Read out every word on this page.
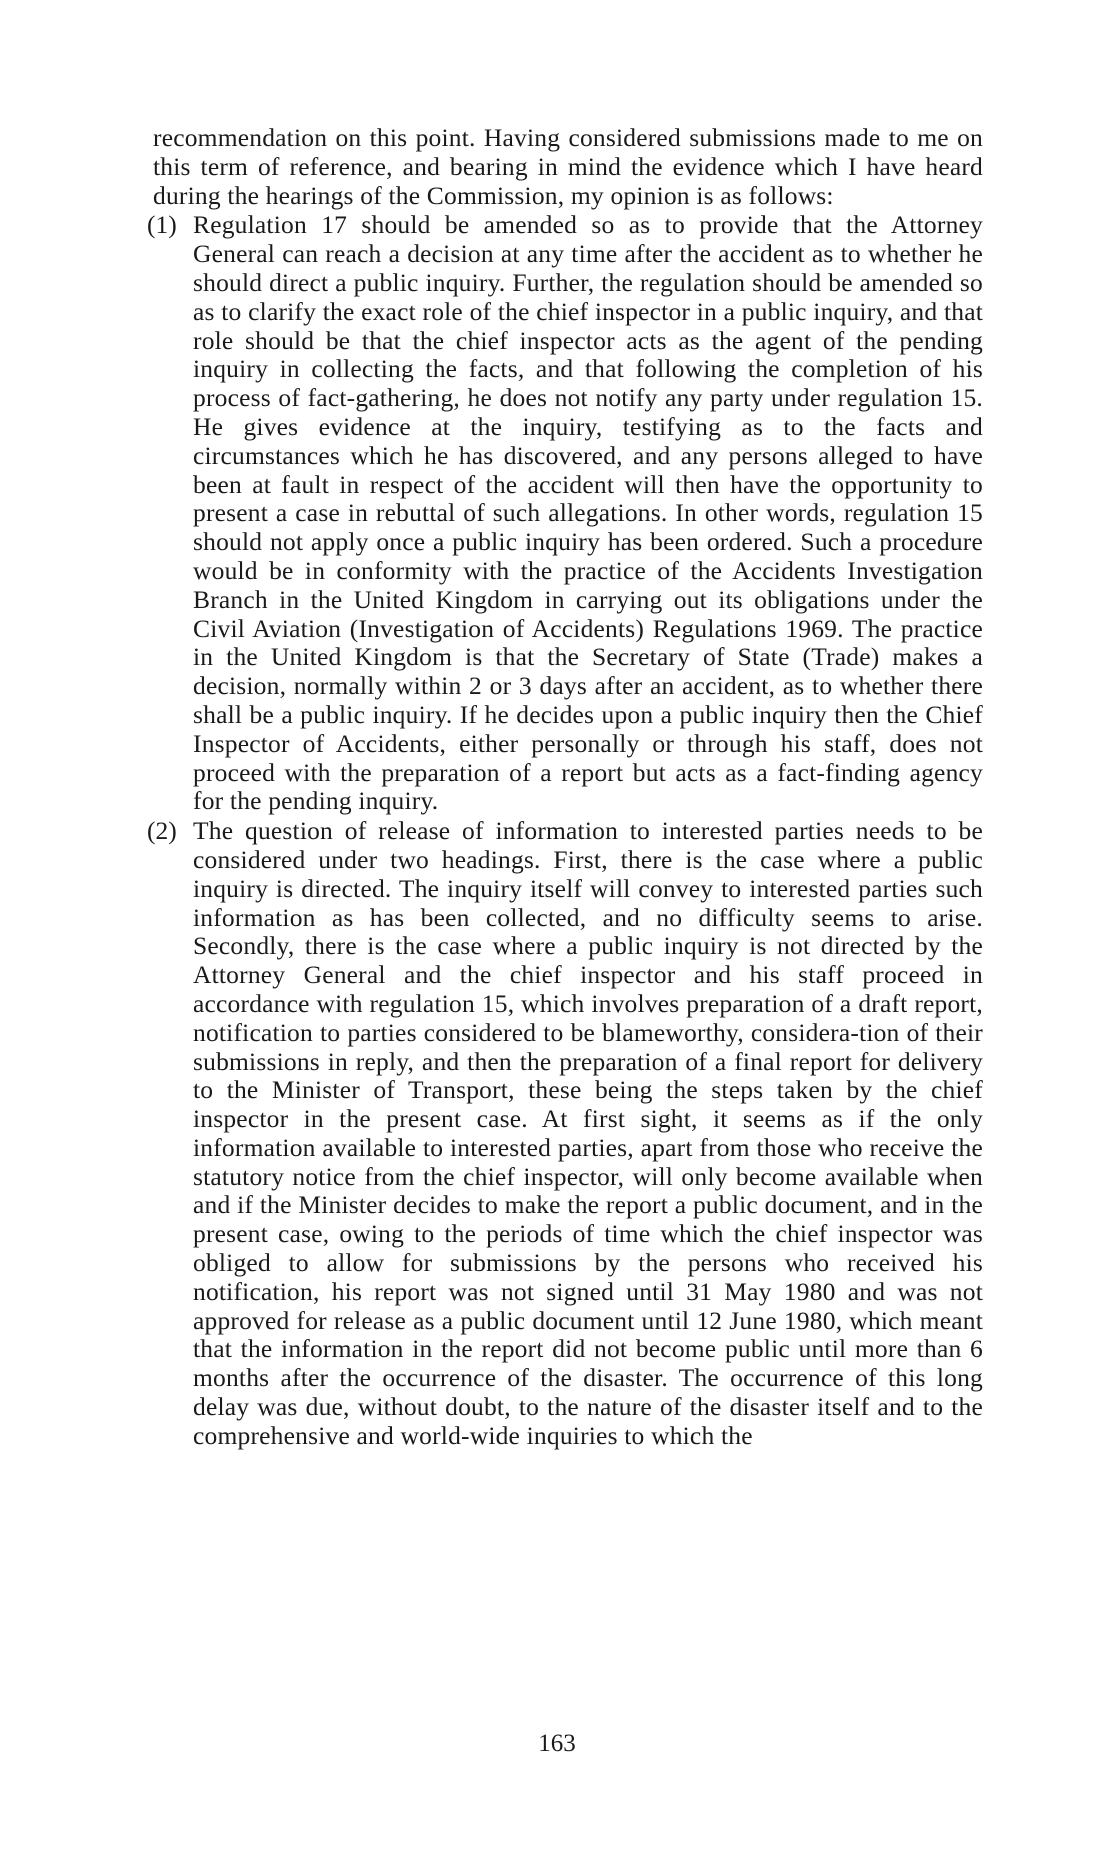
recommendation on this point. Having considered submissions made to me on this term of reference, and bearing in mind the evidence which I have heard during the hearings of the Commission, my opinion is as follows:

(1) Regulation 17 should be amended so as to provide that the Attorney General can reach a decision at any time after the accident as to whether he should direct a public inquiry. Further, the regulation should be amended so as to clarify the exact role of the chief inspector in a public inquiry, and that role should be that the chief inspector acts as the agent of the pending inquiry in collecting the facts, and that following the completion of his process of fact-gathering, he does not notify any party under regulation 15. He gives evidence at the inquiry, testifying as to the facts and circumstances which he has discovered, and any persons alleged to have been at fault in respect of the accident will then have the opportunity to present a case in rebuttal of such allegations. In other words, regulation 15 should not apply once a public inquiry has been ordered. Such a procedure would be in conformity with the practice of the Accidents Investigation Branch in the United Kingdom in carrying out its obligations under the Civil Aviation (Investigation of Accidents) Regulations 1969. The practice in the United Kingdom is that the Secretary of State (Trade) makes a decision, normally within 2 or 3 days after an accident, as to whether there shall be a public inquiry. If he decides upon a public inquiry then the Chief Inspector of Accidents, either personally or through his staff, does not proceed with the preparation of a report but acts as a fact-finding agency for the pending inquiry.

(2) The question of release of information to interested parties needs to be considered under two headings. First, there is the case where a public inquiry is directed. The inquiry itself will convey to interested parties such information as has been collected, and no difficulty seems to arise. Secondly, there is the case where a public inquiry is not directed by the Attorney General and the chief inspector and his staff proceed in accordance with regulation 15, which involves preparation of a draft report, notification to parties considered to be blameworthy, considera-tion of their submissions in reply, and then the preparation of a final report for delivery to the Minister of Transport, these being the steps taken by the chief inspector in the present case. At first sight, it seems as if the only information available to interested parties, apart from those who receive the statutory notice from the chief inspector, will only become available when and if the Minister decides to make the report a public document, and in the present case, owing to the periods of time which the chief inspector was obliged to allow for submissions by the persons who received his notification, his report was not signed until 31 May 1980 and was not approved for release as a public document until 12 June 1980, which meant that the information in the report did not become public until more than 6 months after the occurrence of the disaster. The occurrence of this long delay was due, without doubt, to the nature of the disaster itself and to the comprehensive and world-wide inquiries to which the

163
